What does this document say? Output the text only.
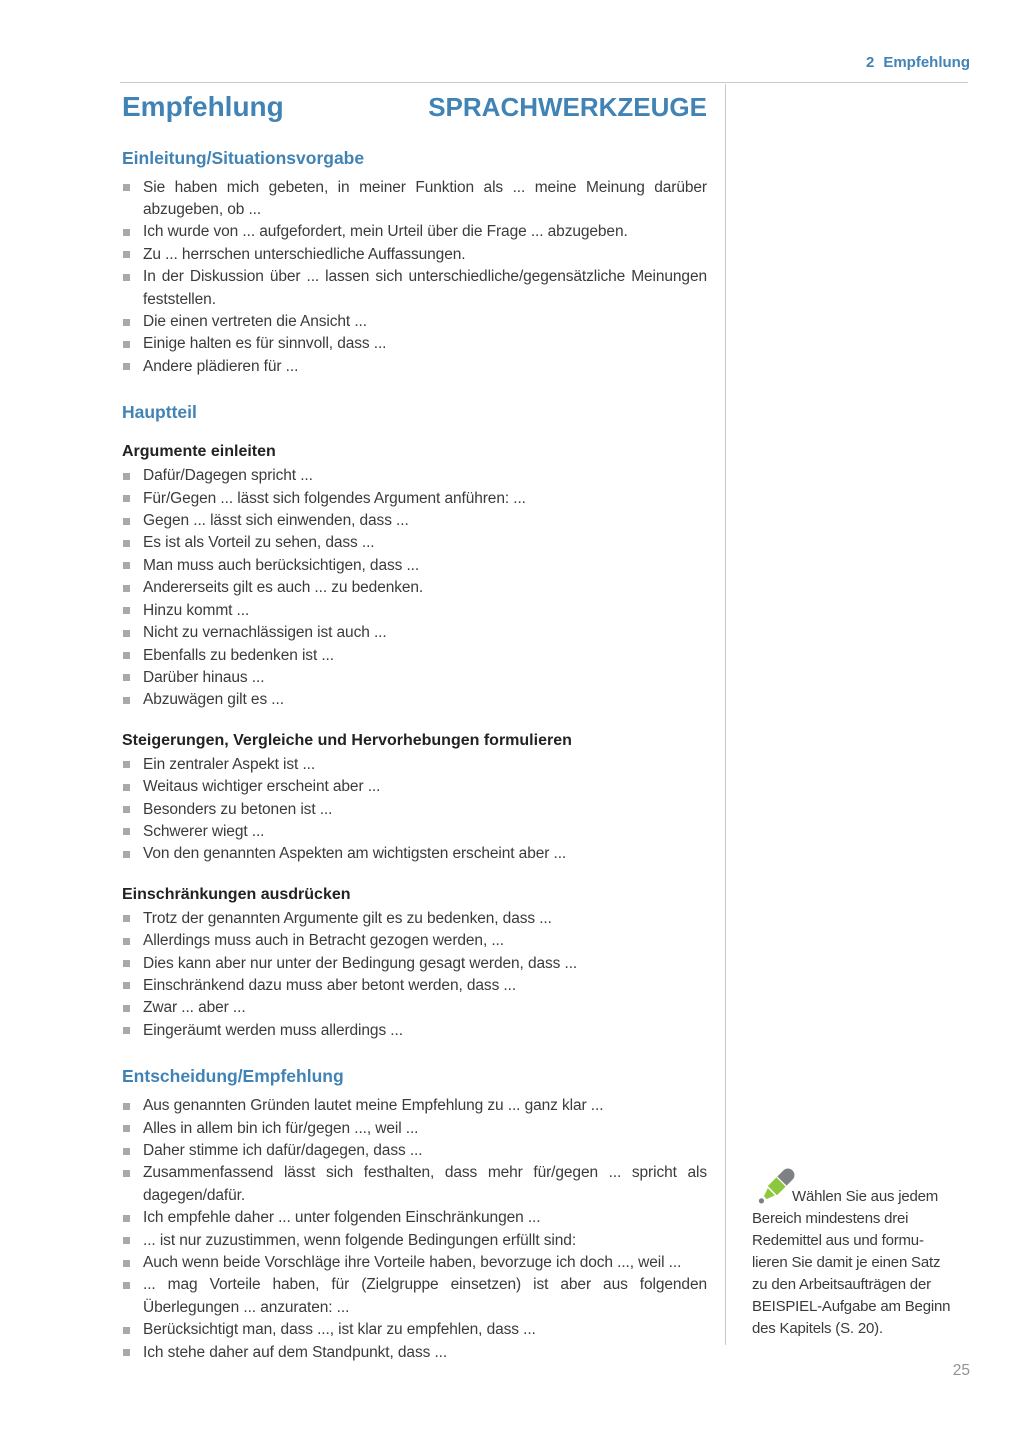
2 Empfehlung
Empfehlung	SPRACHWERKZEUGE
Einleitung/Situationsvorgabe
Sie haben mich gebeten, in meiner Funktion als ... meine Meinung darüber abzugeben, ob ...
Ich wurde von ... aufgefordert, mein Urteil über die Frage ... abzugeben.
Zu ... herrschen unterschiedliche Auffassungen.
In der Diskussion über ... lassen sich unterschiedliche/gegensätzliche Meinungen feststellen.
Die einen vertreten die Ansicht ...
Einige halten es für sinnvoll, dass ...
Andere plädieren für ...
Hauptteil
Argumente einleiten
Dafür/Dagegen spricht ...
Für/Gegen ... lässt sich folgendes Argument anführen: ...
Gegen ... lässt sich einwenden, dass ...
Es ist als Vorteil zu sehen, dass ...
Man muss auch berücksichtigen, dass ...
Andererseits gilt es auch ... zu bedenken.
Hinzu kommt ...
Nicht zu vernachlässigen ist auch ...
Ebenfalls zu bedenken ist ...
Darüber hinaus ...
Abzuwägen gilt es ...
Steigerungen, Vergleiche und Hervorhebungen formulieren
Ein zentraler Aspekt ist ...
Weitaus wichtiger erscheint aber ...
Besonders zu betonen ist ...
Schwerer wiegt ...
Von den genannten Aspekten am wichtigsten erscheint aber ...
Einschränkungen ausdrücken
Trotz der genannten Argumente gilt es zu bedenken, dass ...
Allerdings muss auch in Betracht gezogen werden, ...
Dies kann aber nur unter der Bedingung gesagt werden, dass ...
Einschränkend dazu muss aber betont werden, dass ...
Zwar ... aber ...
Eingeräumt werden muss allerdings ...
Entscheidung/Empfehlung
Aus genannten Gründen lautet meine Empfehlung zu ... ganz klar ...
Alles in allem bin ich für/gegen ..., weil ...
Daher stimme ich dafür/dagegen, dass ...
Zusammenfassend lässt sich festhalten, dass mehr für/gegen ... spricht als dagegen/dafür.
Ich empfehle daher ... unter folgenden Einschränkungen ...
... ist nur zuzustimmen, wenn folgende Bedingungen erfüllt sind:
Auch wenn beide Vorschläge ihre Vorteile haben, bevorzuge ich doch ..., weil ...
... mag Vorteile haben, für (Zielgruppe einsetzen) ist aber aus folgenden Überlegungen ... anzuraten: ...
Berücksichtigt man, dass ..., ist klar zu empfehlen, dass ...
Ich stehe daher auf dem Standpunkt, dass ...

Wählen Sie aus jedem Bereich mindestens drei Redemittel aus und formulieren Sie damit je einen Satz zu den Arbeitsaufträgen der BEISPIEL-Aufgabe am Beginn des Kapitels (S. 20).

25
